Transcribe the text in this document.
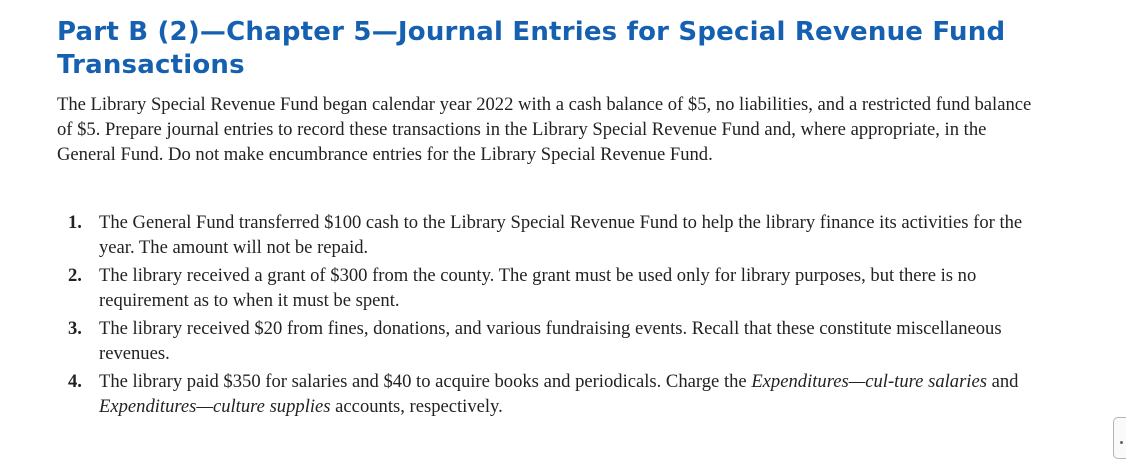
Part B (2)—Chapter 5—Journal Entries for Special Revenue Fund Transactions

The Library Special Revenue Fund began calendar year 2022 with a cash balance of $5, no liabilities, and a restricted fund balance of $5. Prepare journal entries to record these transactions in the Library Special Revenue Fund and, where appropriate, in the General Fund. Do not make encumbrance entries for the Library Special Revenue Fund.

1. The General Fund transferred $100 cash to the Library Special Revenue Fund to help the library finance its activities for the year. The amount will not be repaid.
2. The library received a grant of $300 from the county. The grant must be used only for library purposes, but there is no requirement as to when it must be spent.
3. The library received $20 from fines, donations, and various fundraising events. Recall that these constitute miscellaneous revenues.
4. The library paid $350 for salaries and $40 to acquire books and periodicals. Charge the Expenditures—cul-ture salaries and Expenditures—culture supplies accounts, respectively.
